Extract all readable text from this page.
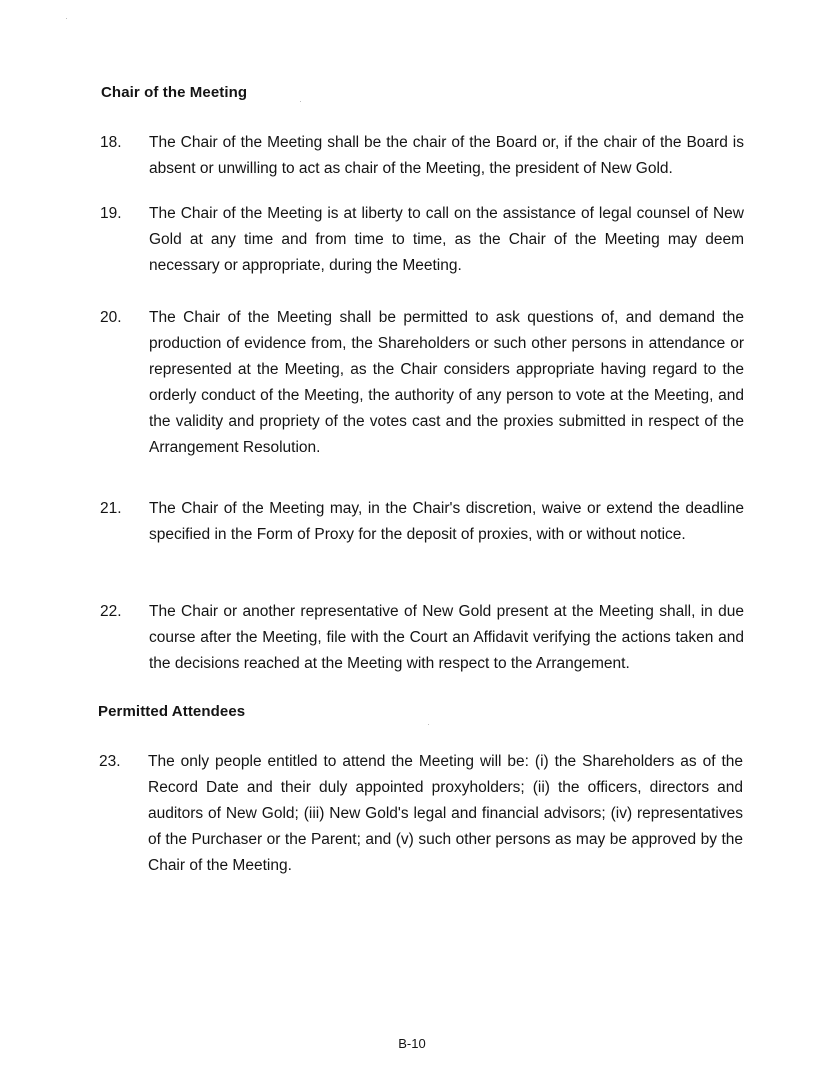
Chair of the Meeting
18. The Chair of the Meeting shall be the chair of the Board or, if the chair of the Board is absent or unwilling to act as chair of the Meeting, the president of New Gold.
19. The Chair of the Meeting is at liberty to call on the assistance of legal counsel of New Gold at any time and from time to time, as the Chair of the Meeting may deem necessary or appropriate, during the Meeting.
20. The Chair of the Meeting shall be permitted to ask questions of, and demand the production of evidence from, the Shareholders or such other persons in attendance or represented at the Meeting, as the Chair considers appropriate having regard to the orderly conduct of the Meeting, the authority of any person to vote at the Meeting, and the validity and propriety of the votes cast and the proxies submitted in respect of the Arrangement Resolution.
21. The Chair of the Meeting may, in the Chair's discretion, waive or extend the deadline specified in the Form of Proxy for the deposit of proxies, with or without notice.
22. The Chair or another representative of New Gold present at the Meeting shall, in due course after the Meeting, file with the Court an Affidavit verifying the actions taken and the decisions reached at the Meeting with respect to the Arrangement.
Permitted Attendees
23. The only people entitled to attend the Meeting will be: (i) the Shareholders as of the Record Date and their duly appointed proxyholders; (ii) the officers, directors and auditors of New Gold; (iii) New Gold's legal and financial advisors; (iv) representatives of the Purchaser or the Parent; and (v) such other persons as may be approved by the Chair of the Meeting.
B-10
